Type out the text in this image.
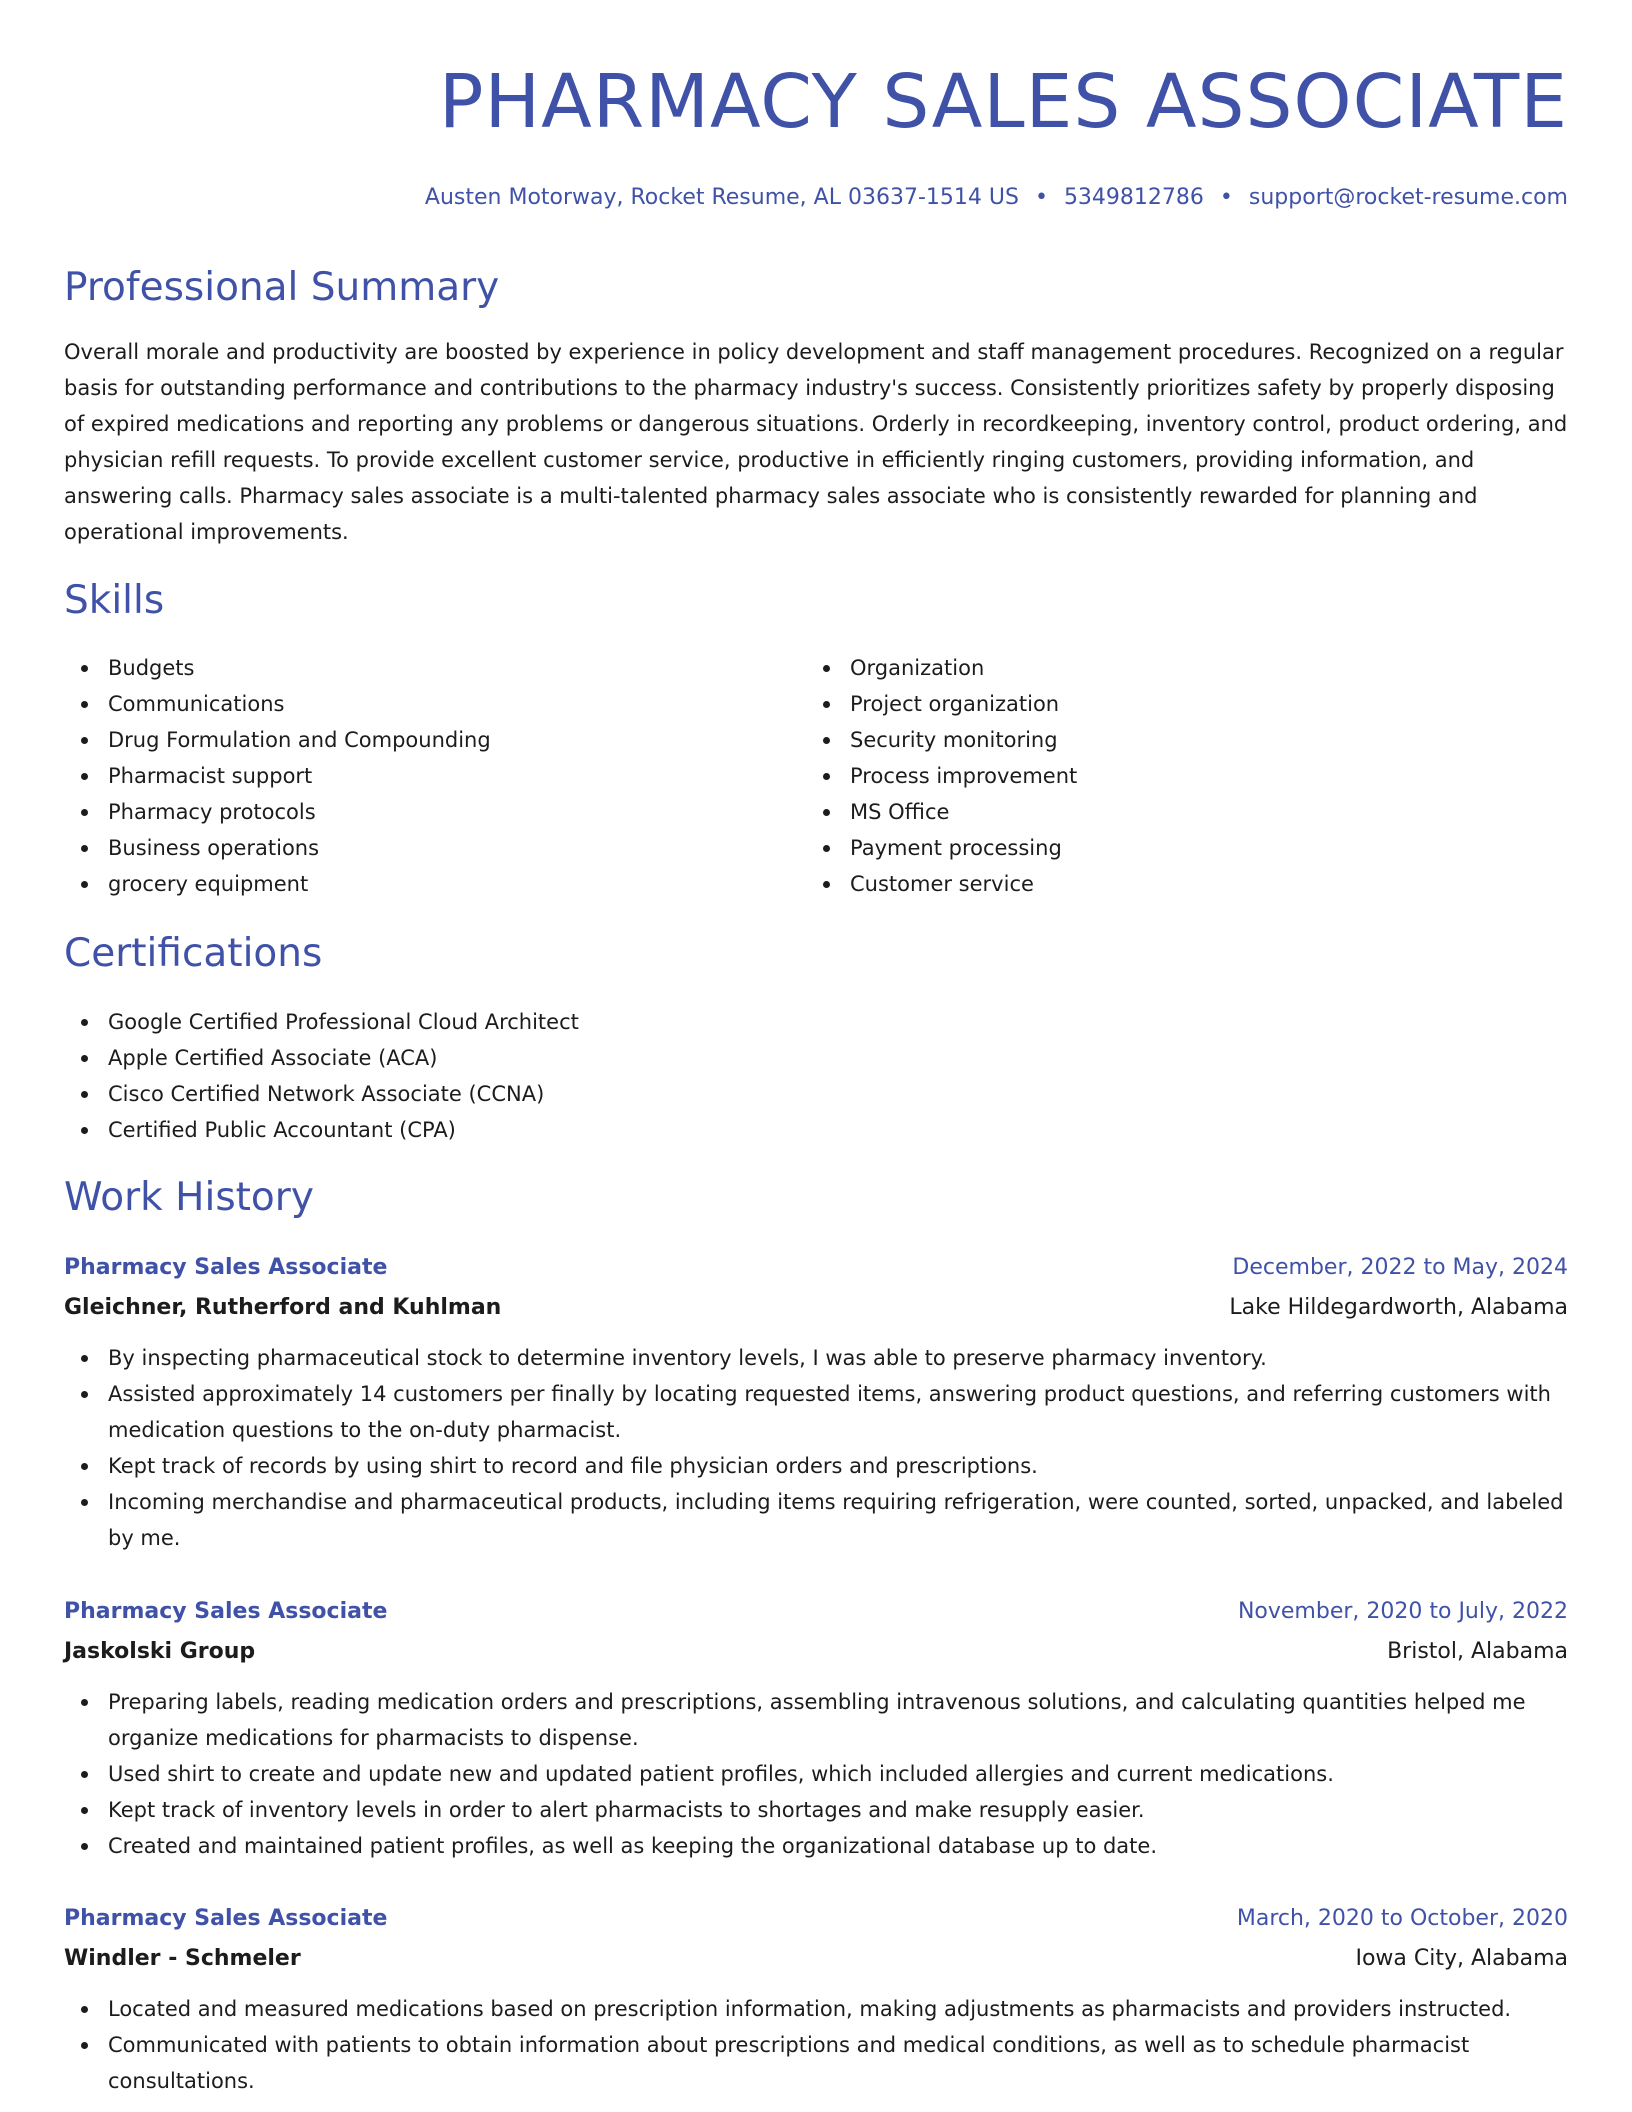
PHARMACY SALES ASSOCIATE
Austen Motorway, Rocket Resume, AL 03637-1514 US • 5349812786 • support@rocket-resume.com
Professional Summary

Overall morale and productivity are boosted by experience in policy development and staff management procedures. Recognized on a regular basis for outstanding performance and contributions to the pharmacy industry's success. Consistently prioritizes safety by properly disposing of expired medications and reporting any problems or dangerous situations. Orderly in recordkeeping, inventory control, product ordering, and physician refill requests. To provide excellent customer service, productive in efficiently ringing customers, providing information, and answering calls. Pharmacy sales associate is a multi-talented pharmacy sales associate who is consistently rewarded for planning and operational improvements.

Skills
Budgets
Communications
Drug Formulation and Compounding
Pharmacist support
Pharmacy protocols
Business operations
grocery equipment
Organization
Project organization
Security monitoring
Process improvement
MS Office
Payment processing
Customer service
Certifications
Google Certified Professional Cloud Architect
Apple Certified Associate (ACA)
Cisco Certified Network Associate (CCNA)
Certified Public Accountant (CPA)
Work History
Pharmacy Sales Associate	December, 2022 to May, 2024
Gleichner, Rutherford and Kuhlman	Lake Hildegardworth, Alabama
By inspecting pharmaceutical stock to determine inventory levels, I was able to preserve pharmacy inventory.
Assisted approximately 14 customers per finally by locating requested items, answering product questions, and referring customers with medication questions to the on-duty pharmacist.
Kept track of records by using shirt to record and file physician orders and prescriptions.
Incoming merchandise and pharmaceutical products, including items requiring refrigeration, were counted, sorted, unpacked, and labeled by me.
Pharmacy Sales Associate	November, 2020 to July, 2022
Jaskolski Group	Bristol, Alabama
Preparing labels, reading medication orders and prescriptions, assembling intravenous solutions, and calculating quantities helped me organize medications for pharmacists to dispense.
Used shirt to create and update new and updated patient profiles, which included allergies and current medications.
Kept track of inventory levels in order to alert pharmacists to shortages and make resupply easier.
Created and maintained patient profiles, as well as keeping the organizational database up to date.
Pharmacy Sales Associate	March, 2020 to October, 2020
Windler - Schmeler	Iowa City, Alabama
Located and measured medications based on prescription information, making adjustments as pharmacists and providers instructed.
Communicated with patients to obtain information about prescriptions and medical conditions, as well as to schedule pharmacist consultations.
